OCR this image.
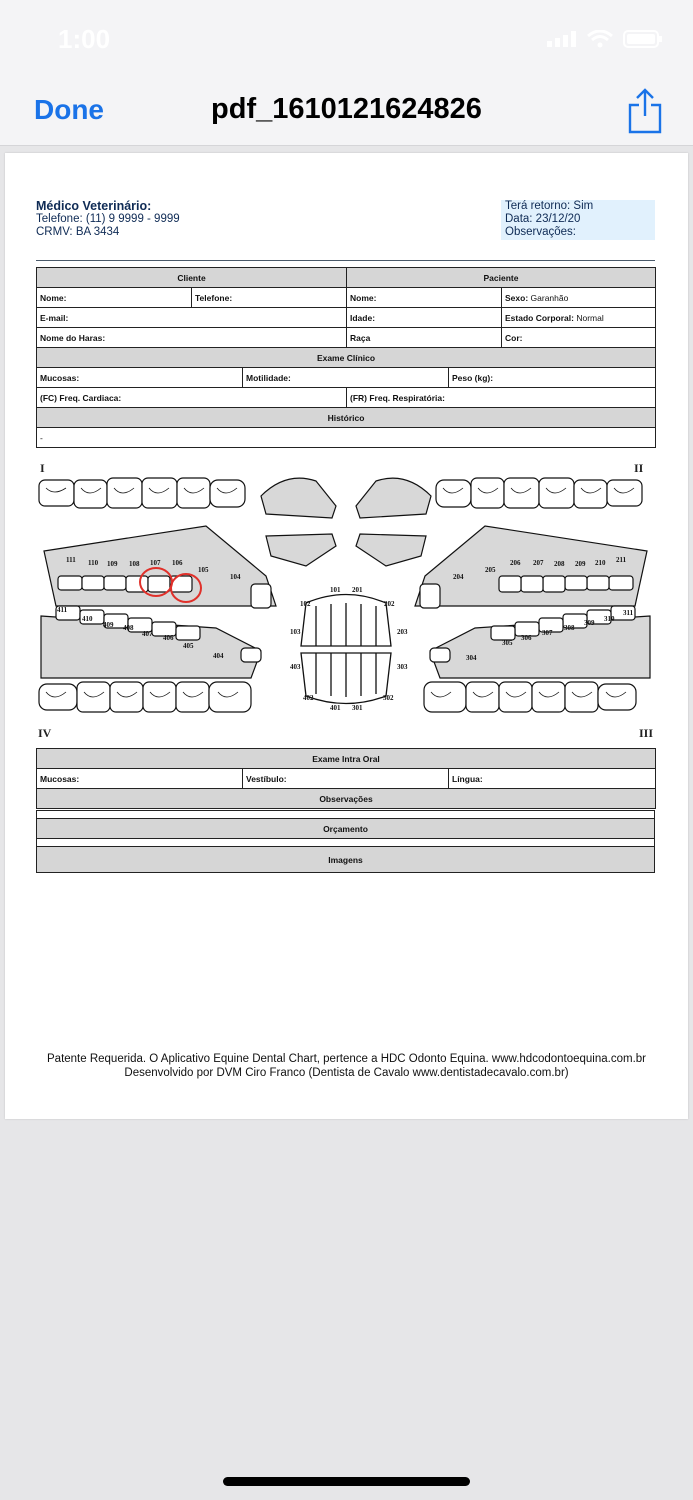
1:00
Done	pdf_1610121624826
Médico Veterinário:
Telefone: (11) 9 9999 - 9999
CRMV: BA 3434
Terá retorno: Sim
Data: 23/12/20
Observações:
Cliente		Paciente	
Nome:	Telefone:	Nome:	Sexo: Garanhão
E-mail:		Idade:	Estado Corporal: Normal
Nome do Haras:		Raça	Cor:
Exame Clínico
Mucosas:	Motilidade:	Peso (kg):
(FC) Freq. Cardiaca:	(FR) Freq. Respiratória:
Histórico
-
I	II
III
IV
111 110 109 108 107 106
105
104	204
205
206 207 208 209 210 211
304
305
306
307
308
309 310
311
411
410
409 408
407 406
405
404
101 201
102	202
103	203
403	303
402	302
401 301
Exame Intra Oral
Mucosas:	Vestíbulo:	Língua:
Observações

Orçamento

Imagens
Patente Requerida. O Aplicativo Equine Dental Chart, pertence a HDC Odonto Equina. www.hdcodontoequina.com.br
Desenvolvido por DVM Ciro Franco (Dentista de Cavalo www.dentistadecavalo.com.br)
